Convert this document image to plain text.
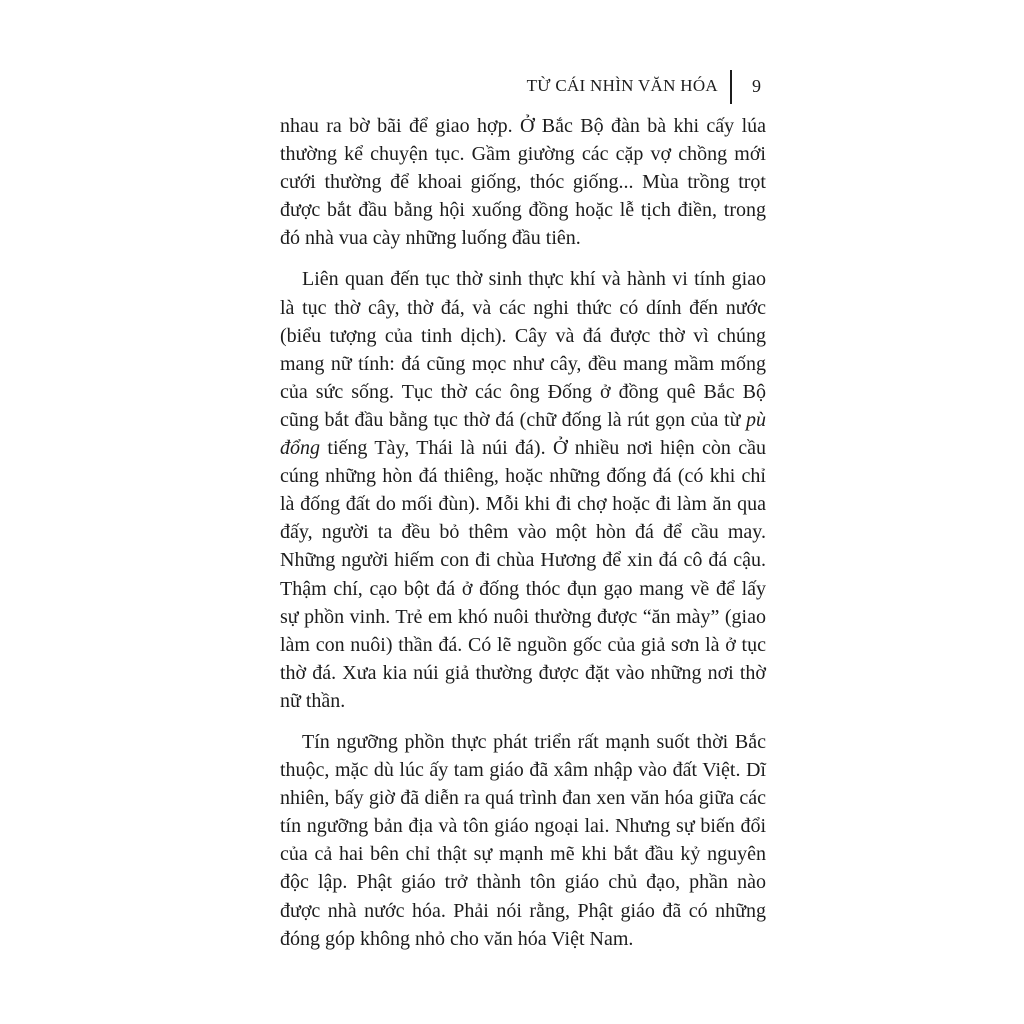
TỪ CÁI NHÌN VĂN HÓA 9

nhau ra bờ bãi để giao hợp. Ở Bắc Bộ đàn bà khi cấy lúa thường kể chuyện tục. Gầm giường các cặp vợ chồng mới cưới thường để khoai giống, thóc giống... Mùa trồng trọt được bắt đầu bằng hội xuống đồng hoặc lễ tịch điền, trong đó nhà vua cày những luống đầu tiên.

Liên quan đến tục thờ sinh thực khí và hành vi tính giao là tục thờ cây, thờ đá, và các nghi thức có dính đến nước (biểu tượng của tinh dịch). Cây và đá được thờ vì chúng mang nữ tính: đá cũng mọc như cây, đều mang mầm mống của sức sống. Tục thờ các ông Đống ở đồng quê Bắc Bộ cũng bắt đầu bằng tục thờ đá (chữ đống là rút gọn của từ pù đổng tiếng Tày, Thái là núi đá). Ở nhiều nơi hiện còn cầu cúng những hòn đá thiêng, hoặc những đống đá (có khi chỉ là đống đất do mối đùn). Mỗi khi đi chợ hoặc đi làm ăn qua đấy, người ta đều bỏ thêm vào một hòn đá để cầu may. Những người hiếm con đi chùa Hương để xin đá cô đá cậu. Thậm chí, cạo bột đá ở đống thóc đụn gạo mang về để lấy sự phồn vinh. Trẻ em khó nuôi thường được “ăn mày” (giao làm con nuôi) thần đá. Có lẽ nguồn gốc của giả sơn là ở tục thờ đá. Xưa kia núi giả thường được đặt vào những nơi thờ nữ thần.

Tín ngưỡng phồn thực phát triển rất mạnh suốt thời Bắc thuộc, mặc dù lúc ấy tam giáo đã xâm nhập vào đất Việt. Dĩ nhiên, bấy giờ đã diễn ra quá trình đan xen văn hóa giữa các tín ngưỡng bản địa và tôn giáo ngoại lai. Nhưng sự biến đổi của cả hai bên chỉ thật sự mạnh mẽ khi bắt đầu kỷ nguyên độc lập. Phật giáo trở thành tôn giáo chủ đạo, phần nào được nhà nước hóa. Phải nói rằng, Phật giáo đã có những đóng góp không nhỏ cho văn hóa Việt Nam.
